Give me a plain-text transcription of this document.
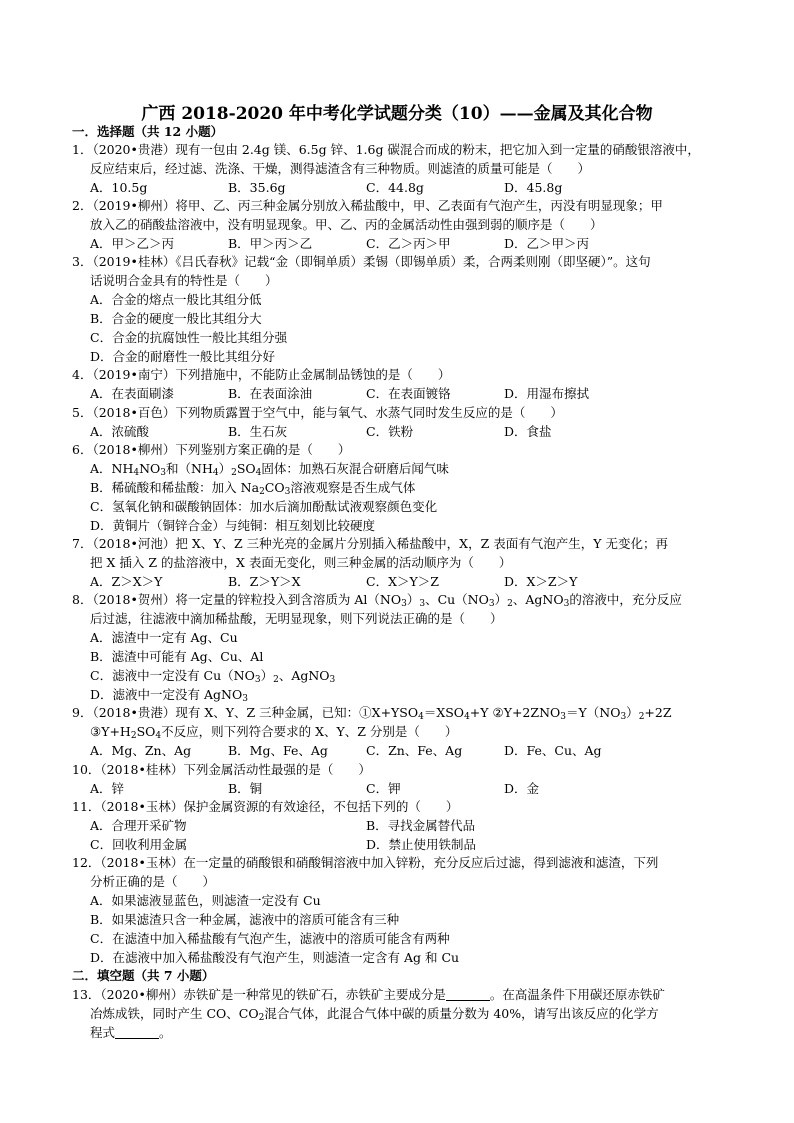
广西 2018-2020 年中考化学试题分类（10）——金属及其化合物
一．选择题（共 12 小题）
1．（2020•贵港）现有一包由 2.4g 镁、6.5g 锌、1.6g 碳混合而成的粉末，把它加入到一定量的硝酸银溶液中，
反应结束后，经过滤、洗涤、干燥，测得滤渣含有三种物质。则滤渣的质量可能是（　　）
A．10.5g	B．35.6g	C．44.8g	D．45.8g
2．（2019•柳州）将甲、乙、丙三种金属分别放入稀盐酸中，甲、乙表面有气泡产生，丙没有明显现象；甲
放入乙的硝酸盐溶液中，没有明显现象。甲、乙、丙的金属活动性由强到弱的顺序是（　　）
A．甲＞乙＞丙	B．甲＞丙＞乙	C．乙＞丙＞甲	D．乙＞甲＞丙
3．（2019•桂林）《吕氏春秋》记载“金（即铜单质）柔锡（即锡单质）柔，合两柔则刚（即坚硬）”。这句
话说明合金具有的特性是（　　）
A．合金的熔点一般比其组分低
B．合金的硬度一般比其组分大
C．合金的抗腐蚀性一般比其组分强
D．合金的耐磨性一般比其组分好
4．（2019•南宁）下列措施中，不能防止金属制品锈蚀的是（　　）
A．在表面刷漆	B．在表面涂油	C．在表面镀铬	D．用湿布擦拭
5．（2018•百色）下列物质露置于空气中，能与氧气、水蒸气同时发生反应的是（　　）
A．浓硫酸	B．生石灰	C．铁粉	D．食盐
6．（2018•柳州）下列鉴别方案正确的是（　　）
A．$NH_4NO_3$和$(NH_4)_2SO_4$固体：加熟石灰混合研磨后闻气味
B．稀硫酸和稀盐酸：加入 $Na_2CO_3$溶液观察是否生成气体
C．氢氧化钠和碳酸钠固体：加水后滴加酚酞试液观察颜色变化
D．黄铜片（铜锌合金）与纯铜：相互刻划比较硬度
7．（2018•河池）把 X、Y、Z 三种光亮的金属片分别插入稀盐酸中，X，Z 表面有气泡产生，Y 无变化；再
把 X 插入 Z 的盐溶液中，X 表面无变化，则三种金属的活动顺序为（　　）
A．Z＞X＞Y	B．Z＞Y＞X	C．X＞Y＞Z	D．X＞Z＞Y
8．（2018•贺州）将一定量的锌粒投入到含溶质为 $Al(NO_3)_3$、$Cu(NO_3)_2$、AgNO$_3$的溶液中，充分反应
后过滤，往滤液中滴加稀盐酸，无明显现象，则下列说法正确的是（　　）
A．滤渣中一定有 Ag、Cu
B．滤渣中可能有 Ag、Cu、Al
C．滤液中一定没有 $Cu(NO_3)_2$、AgNO$_3$
D．滤液中一定没有 AgNO$_3$
9．（2018•贵港）现有 X、Y、Z 三种金属，已知：$①X+YSO_4=XSO_4+Y$ $②Y+2ZNO_3=Y(NO_3)_2+2Z$
$③Y+H_2SO_4$不反应，则下列符合要求的 X、Y、Z 分别是（　　）
A．Mg、Zn、Ag	B．Mg、Fe、Ag	C．Zn、Fe、Ag	D．Fe、Cu、Ag
10．（2018•桂林）下列金属活动性最强的是（　　）
A．锌	B．铜	C．钾	D．金
11．（2018•玉林）保护金属资源的有效途径，不包括下列的（　　）
A．合理开采矿物	B．寻找金属替代品
C．回收利用金属	D．禁止使用铁制品
12．（2018•玉林）在一定量的硝酸银和硝酸铜溶液中加入锌粉，充分反应后过滤，得到滤液和滤渣，下列
分析正确的是（　　）
A．如果滤液显蓝色，则滤渣一定没有 Cu
B．如果滤渣只含一种金属，滤液中的溶质可能含有三种
C．在滤渣中加入稀盐酸有气泡产生，滤液中的溶质可能含有两种
D．在滤液中加入稀盐酸没有气泡产生，则滤渣一定含有 Ag 和 Cu
二．填空题（共 7 小题）
13．（2020•柳州）赤铁矿是一种常见的铁矿石，赤铁矿主要成分是	。在高温条件下用碳还原赤铁矿
冶炼成铁，同时产生 CO、$CO_2$混合气体，此混合气体中碳的质量分数为 40%，请写出该反应的化学方
程式	。
